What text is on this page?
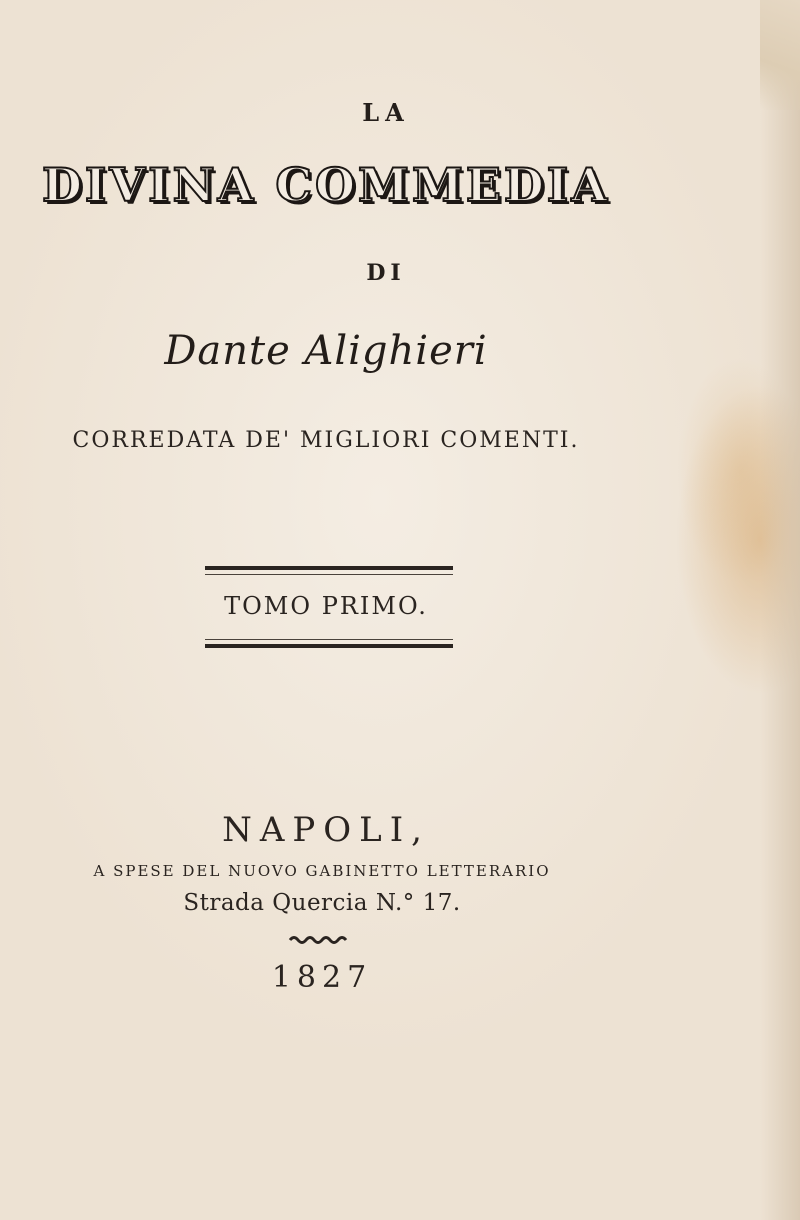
LA
DIVINA COMMEDIA
DI
Dante Alighieri
CORREDATA DE' MIGLIORI COMENTI.
TOMO PRIMO.
NAPOLI,
A SPESE DEL NUOVO GABINETTO LETTERARIO
Strada Quercia N.° 17.
1827
